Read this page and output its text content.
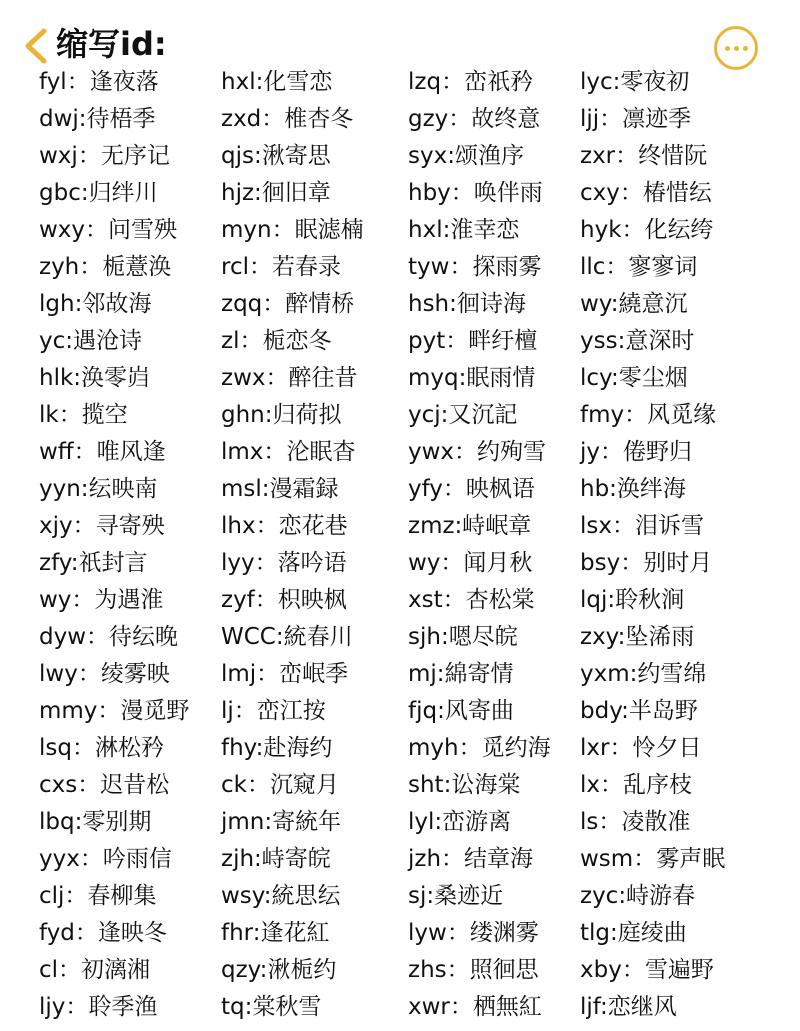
缩写id:
fyl：逢夜落
dwj:待梧季
wxj：无序记
gbc:归绊川
wxy：问雪殃
zyh：栀薏涣
lgh:邻故海
yc:遇沧诗
hlk:涣零岿
lk：揽空
wff：唯风逢
yyn:纭映南
xjy：寻寄殃
zfy:祇封言
wy：为遇淮
dyw：待纭晚
lwy：绫雾映
mmy：漫觅野
lsq：淋松矜
cxs：迟昔松
lbq:零别期
yyx：吟雨信
clj：春柳集
fyd：逢映冬
cl：初漓湘
ljy：聆季渔
hxl:化雪恋
zxd：椎杏冬
qjs:湫寄思
hjz:徊旧章
myn：眠滤楠
rcl：若春录
zqq：醉情桥
zl：栀恋冬
zwx：醉往昔
ghn:归荷拟
lmx：沦眠杳
msl:漫霜録
lhx：恋花巷
lyy：落吟语
zyf：枳映枫
WCC:統春川
lmj：峦岷季
lj：峦江按
fhy:赴海约
ck：沉窥月
jmn:寄統年
zjh:峙寄皖
wsy:統思纭
fhr:逢花紅
qzy:湫栀约
tq:棠秋雪
lzq：峦祇矜
gzy：故终意
syx:颂渔序
hby：唤伴雨
hxl:淮幸恋
tyw：探雨雾
hsh:徊诗海
pyt：畔纡檀
myq:眠雨情
ycj:又沉記
ywx：约殉雪
yfy：映枫语
zmz:峙岷章
wy：闻月秋
xst：杏松棠
sjh:嗯尽皖
mj:綿寄情
fjq:风寄曲
myh：觅约海
sht:讼海棠
lyl:峦游离
jzh：结章海
sj:桑迹近
lyw：缕渊雾
zhs：照徊思
xwr：栖無紅
lyc:零夜初
ljj：凛迹季
zxr：终惜阮
cxy：椿惜纭
hyk：化纭绔
llc：寥寥词
wy:繞意沉
yss:意深时
lcy:零尘烟
fmy：风觅缘
jy：倦野归
hb:涣绊海
lsx：泪诉雪
bsy：别时月
lqj:聆秋涧
zxy:坠浠雨
yxm:约雪绵
bdy:半岛野
lxr：怜夕日
lx：乱序枝
ls：凌散准
wsm：雾声眠
zyc:峙游春
tlg:庭绫曲
xby：雪遍野
ljf:恋继风
